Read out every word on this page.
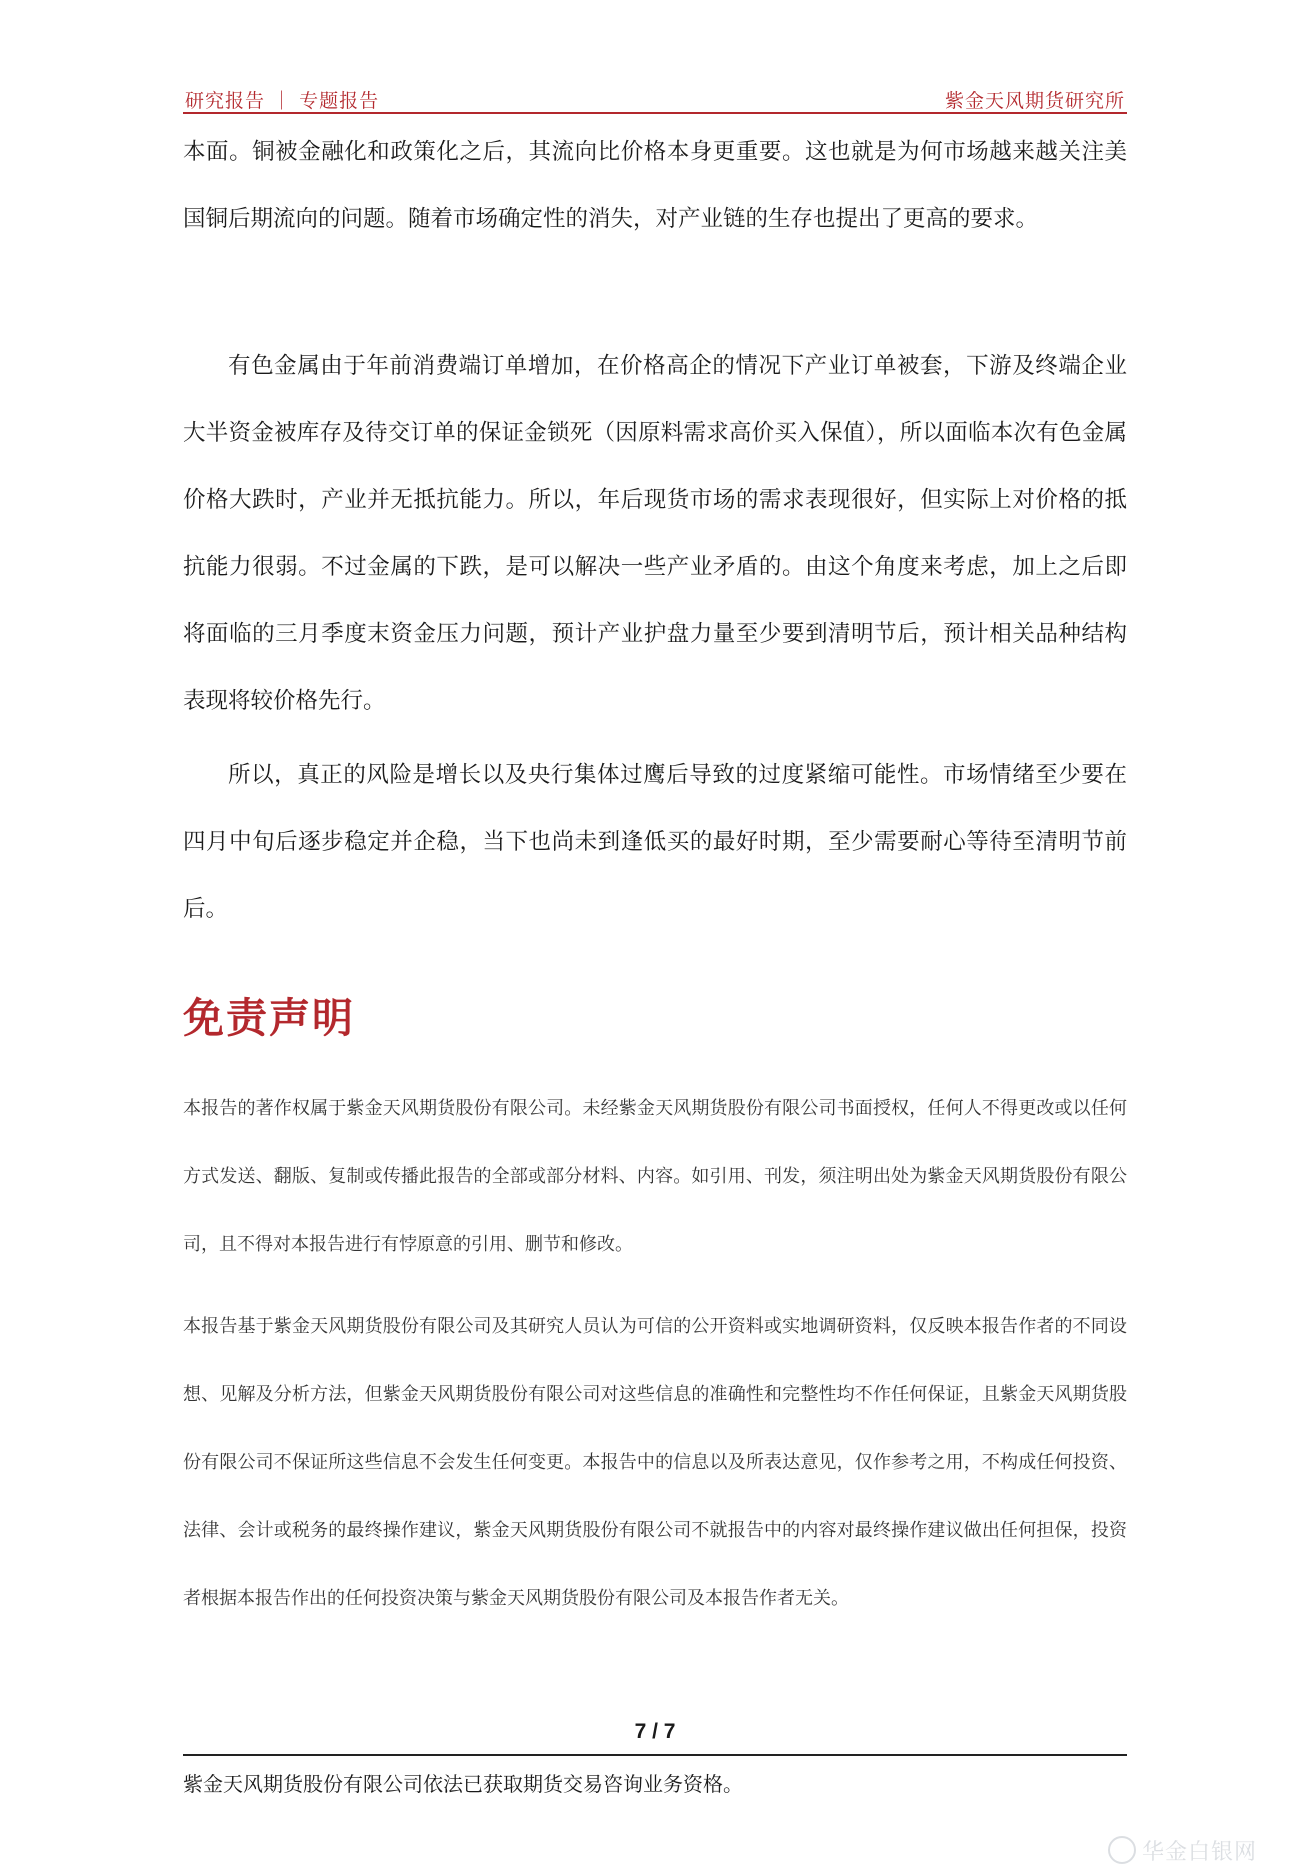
研究报告 ｜ 专题报告	紫金天风期货研究所

本面。铜被金融化和政策化之后，其流向比价格本身更重要。这也就是为何市场越来越关注美国铜后期流向的问题。随着市场确定性的消失，对产业链的生存也提出了更高的要求。

有色金属由于年前消费端订单增加，在价格高企的情况下产业订单被套，下游及终端企业大半资金被库存及待交订单的保证金锁死（因原料需求高价买入保值），所以面临本次有色金属价格大跌时，产业并无抵抗能力。所以，年后现货市场的需求表现很好，但实际上对价格的抵抗能力很弱。不过金属的下跌，是可以解决一些产业矛盾的。由这个角度来考虑，加上之后即将面临的三月季度末资金压力问题，预计产业护盘力量至少要到清明节后，预计相关品种结构表现将较价格先行。

所以，真正的风险是增长以及央行集体过鹰后导致的过度紧缩可能性。市场情绪至少要在四月中旬后逐步稳定并企稳，当下也尚未到逢低买的最好时期，至少需要耐心等待至清明节前后。

免责声明

本报告的著作权属于紫金天风期货股份有限公司。未经紫金天风期货股份有限公司书面授权，任何人不得更改或以任何方式发送、翻版、复制或传播此报告的全部或部分材料、内容。如引用、刊发，须注明出处为紫金天风期货股份有限公司，且不得对本报告进行有悖原意的引用、删节和修改。

本报告基于紫金天风期货股份有限公司及其研究人员认为可信的公开资料或实地调研资料，仅反映本报告作者的不同设想、见解及分析方法，但紫金天风期货股份有限公司对这些信息的准确性和完整性均不作任何保证，且紫金天风期货股份有限公司不保证所这些信息不会发生任何变更。本报告中的信息以及所表达意见，仅作参考之用，不构成任何投资、法律、会计或税务的最终操作建议，紫金天风期货股份有限公司不就报告中的内容对最终操作建议做出任何担保，投资者根据本报告作出的任何投资决策与紫金天风期货股份有限公司及本报告作者无关。

7 / 7

紫金天风期货股份有限公司依法已获取期货交易咨询业务资格。

华金白银网
